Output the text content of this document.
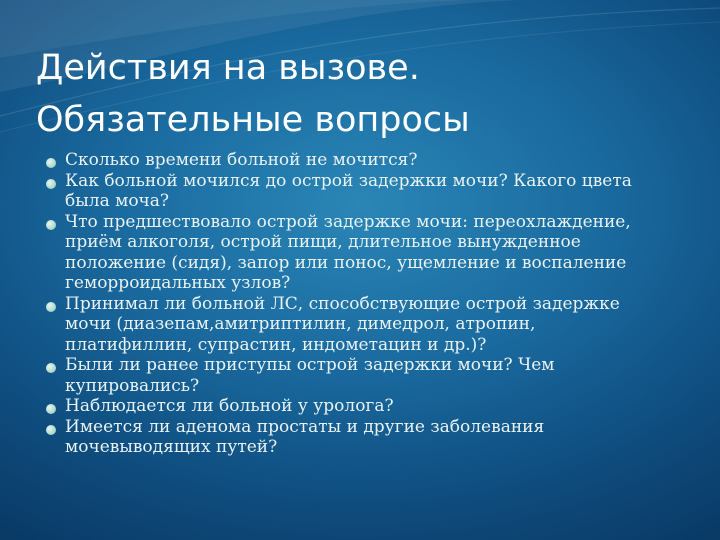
Действия на вызове.
Обязательные вопросы
Сколько времени больной не мочится?
Как больной мочился до острой задержки мочи? Какого цвета
была моча?
Что предшествовало острой задержке мочи: переохлаждение,
приём алкоголя, острой пищи, длительное вынужденное
положение (сидя), запор или понос, ущемление и воспаление
геморроидальных узлов?
Принимал ли больной ЛС, способствующие острой задержке
мочи (диазепам,амитриптилин, димедрол, атропин,
платифиллин, супрастин, индометацин и др.)?
Были ли ранее приступы острой задержки мочи? Чем
купировались?
Наблюдается ли больной у уролога?
Имеется ли аденома простаты и другие заболевания
мочевыводящих путей?
